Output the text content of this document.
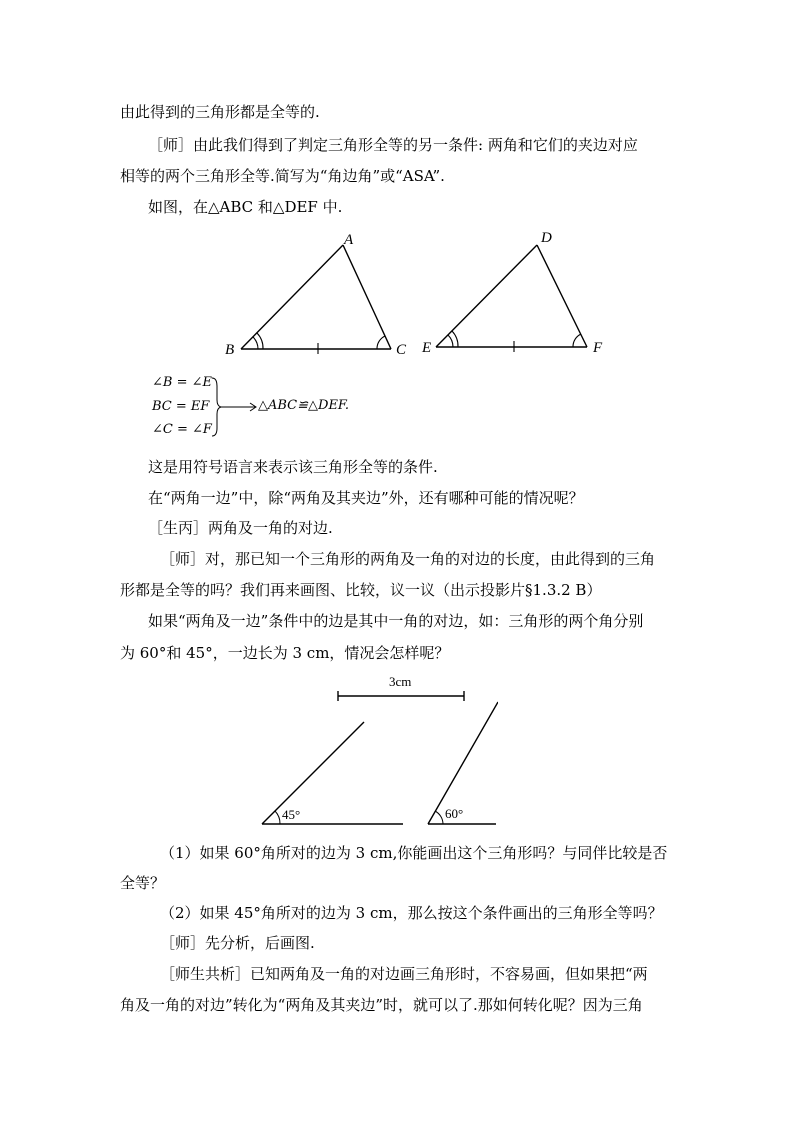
由此得到的三角形都是全等的.
［师］由此我们得到了判定三角形全等的另一条件: 两角和它们的夹边对应
相等的两个三角形全等.简写为“角边角”或“ASA”.
如图，在△ABC 和△DEF 中.
A
B	C
D
E	F
∠B = ∠E
BC = EF
∠C = ∠F
△ABC≌△DEF.
这是用符号语言来表示该三角形全等的条件.
在“两角一边”中，除“两角及其夹边”外，还有哪种可能的情况呢？
［生丙］两角及一角的对边.
［师］对，那已知一个三角形的两角及一角的对边的长度，由此得到的三角
形都是全等的吗？我们再来画图、比较，议一议（出示投影片§1.3.2 B）
如果“两角及一边”条件中的边是其中一角的对边，如：三角形的两个角分别
为 60°和 45°，一边长为 3 cm，情况会怎样呢？
3cm
45°	60°
（1）如果 60°角所对的边为 3 cm,你能画出这个三角形吗？与同伴比较是否
全等？
（2）如果 45°角所对的边为 3 cm，那么按这个条件画出的三角形全等吗？
［师］先分析，后画图.
［师生共析］已知两角及一角的对边画三角形时，不容易画，但如果把“两
角及一角的对边”转化为“两角及其夹边”时，就可以了.那如何转化呢？因为三角
